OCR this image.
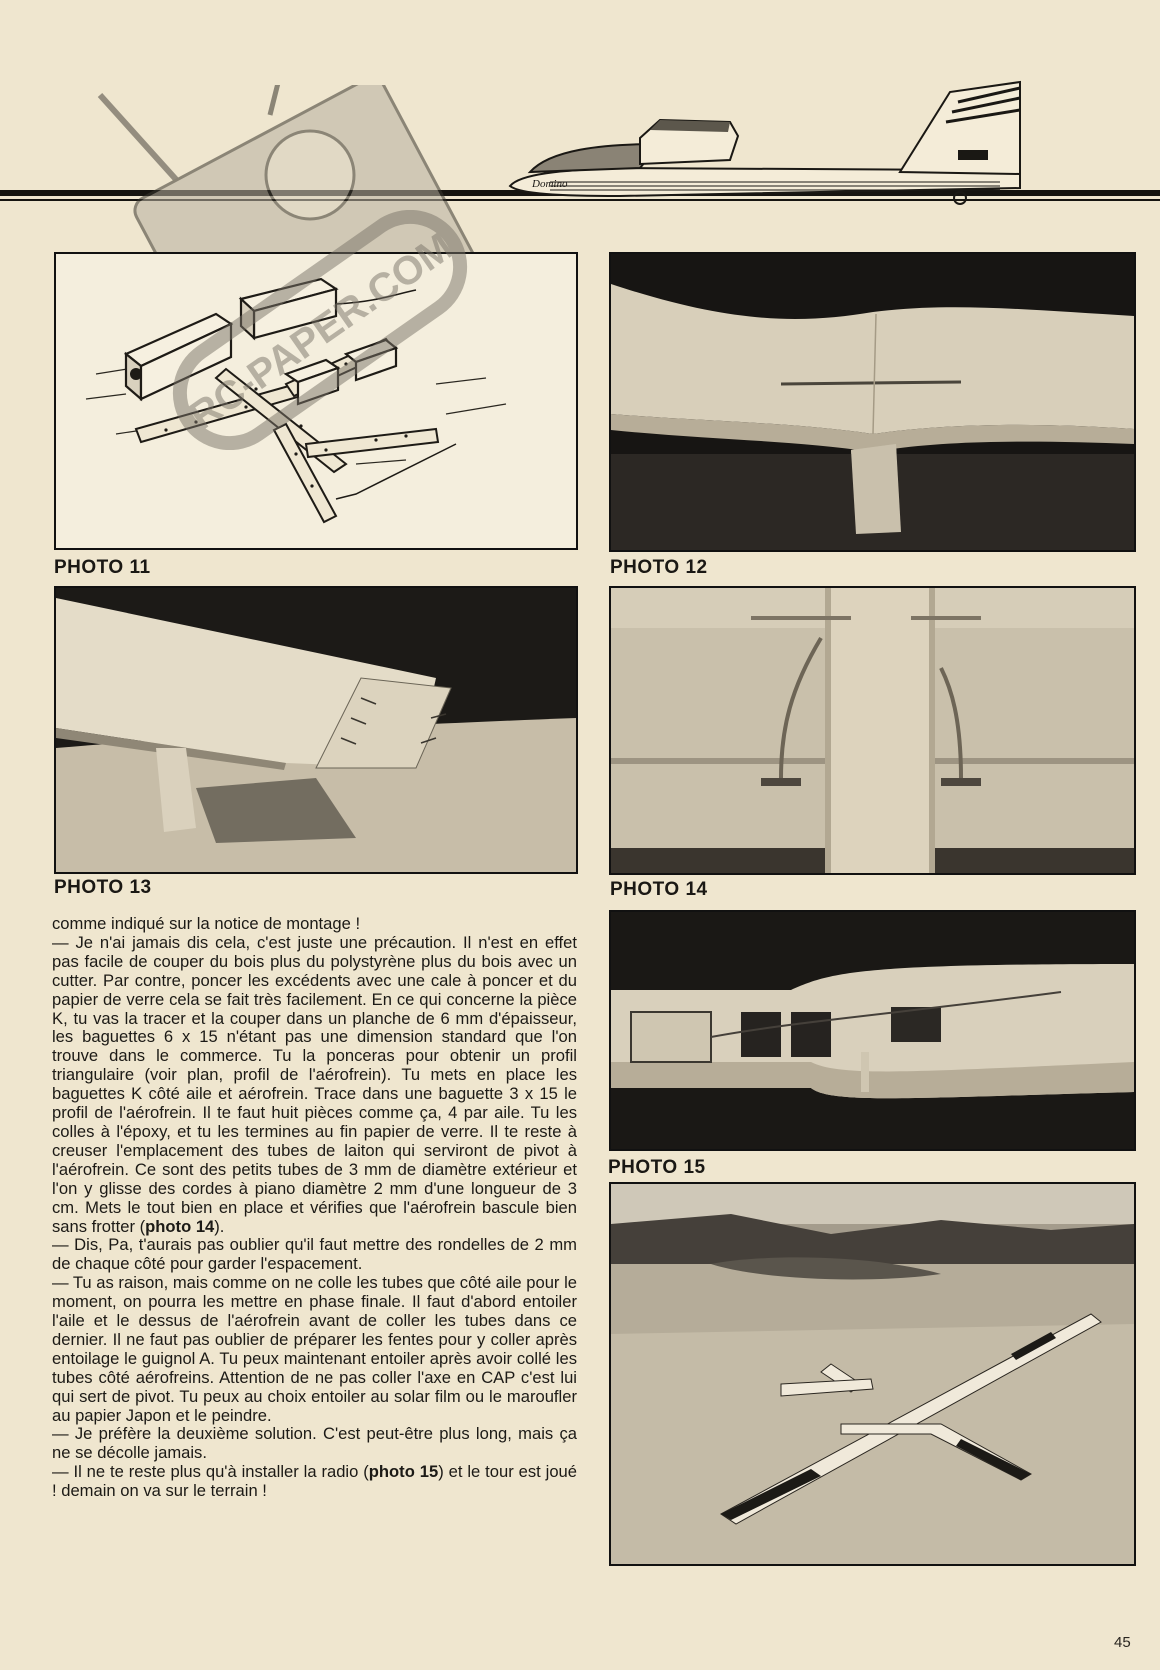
Domino
RC-PAPER.COM
PHOTO 11	PHOTO 12
PHOTO 13	PHOTO 14
PHOTO 15

comme indiqué sur la notice de montage !

— Je n'ai jamais dis cela, c'est juste une précaution. Il n'est en effet pas facile de couper du bois plus du polystyrène plus du bois avec un cutter. Par contre, poncer les excédents avec une cale à poncer et du papier de verre cela se fait très facilement. En ce qui concerne la pièce K, tu vas la tracer et la couper dans un planche de 6 mm d'épaisseur, les baguettes 6 x 15 n'étant pas une dimension standard que l'on trouve dans le commerce. Tu la ponceras pour obtenir un profil triangulaire (voir plan, profil de l'aérofrein). Tu mets en place les baguettes K côté aile et aérofrein. Trace dans une baguette 3 x 15 le profil de l'aérofrein. Il te faut huit pièces comme ça, 4 par aile. Tu les colles à l'époxy, et tu les termines au fin papier de verre. Il te reste à creuser l'emplacement des tubes de laiton qui serviront de pivot à l'aérofrein. Ce sont des petits tubes de 3 mm de diamètre extérieur et l'on y glisse des cordes à piano diamètre 2 mm d'une longueur de 3 cm. Mets le tout bien en place et vérifies que l'aérofrein bascule bien sans frotter (photo 14).

— Dis, Pa, t'aurais pas oublier qu'il faut mettre des rondelles de 2 mm de chaque côté pour garder l'espacement.

— Tu as raison, mais comme on ne colle les tubes que côté aile pour le moment, on pourra les mettre en phase finale. Il faut d'abord entoiler l'aile et le dessus de l'aérofrein avant de coller les tubes dans ce dernier. Il ne faut pas oublier de préparer les fentes pour y coller après entoilage le guignol A. Tu peux maintenant entoiler après avoir collé les tubes côté aérofreins. Attention de ne pas coller l'axe en CAP c'est lui qui sert de pivot. Tu peux au choix entoiler au solar film ou le maroufler au papier Japon et le peindre.

— Je préfère la deuxième solution. C'est peut-être plus long, mais ça ne se décolle jamais.

— Il ne te reste plus qu'à installer la radio (photo 15) et le tour est joué ! demain on va sur le terrain !

45
